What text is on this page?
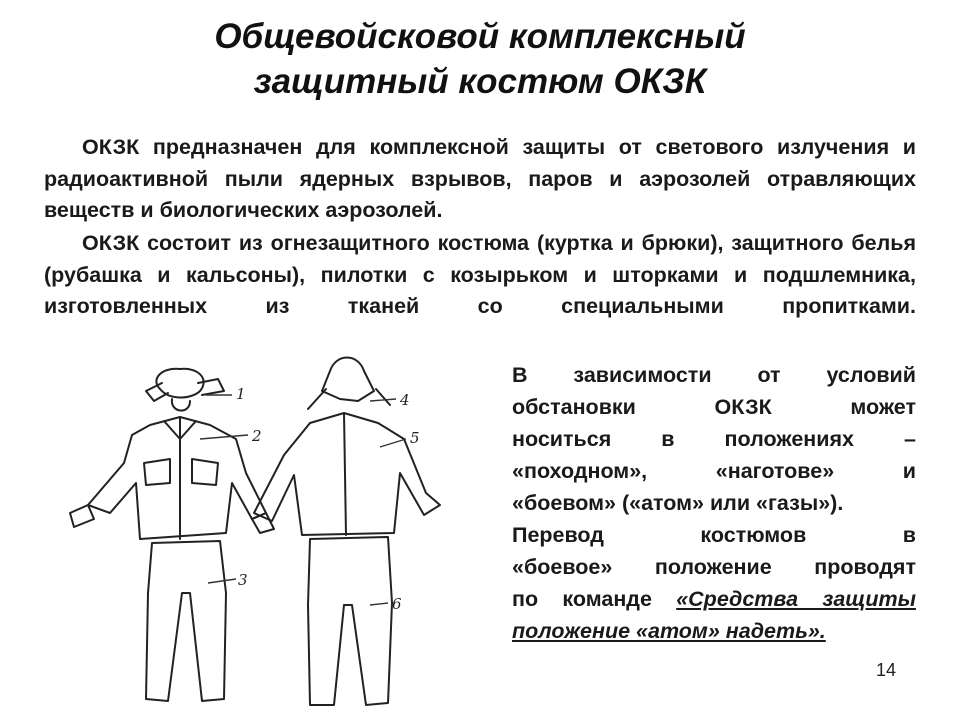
Общевойсковой комплексный
защитный костюм ОКЗК

ОКЗК предназначен для комплексной защиты от светового излучения и радиоактивной пыли ядерных взрывов, паров и аэрозолей отравляющих веществ и биологических аэрозолей.

ОКЗК состоит из огнезащитного костюма (куртка и брюки), защитного белья (рубашка и кальсоны), пилотки с козырьком и шторками и подшлемника, изготовленных из тканей со специальными пропитками.

1
2
3
4
5
6
В зависимости от условий
обстановки ОКЗК может
носиться в положениях –
«походном», «наготове» и
«боевом» («атом» или «газы»).
Перевод костюмов в
«боевое» положение проводят
по команде «Средства защиты
положение «атом» надеть».
14
